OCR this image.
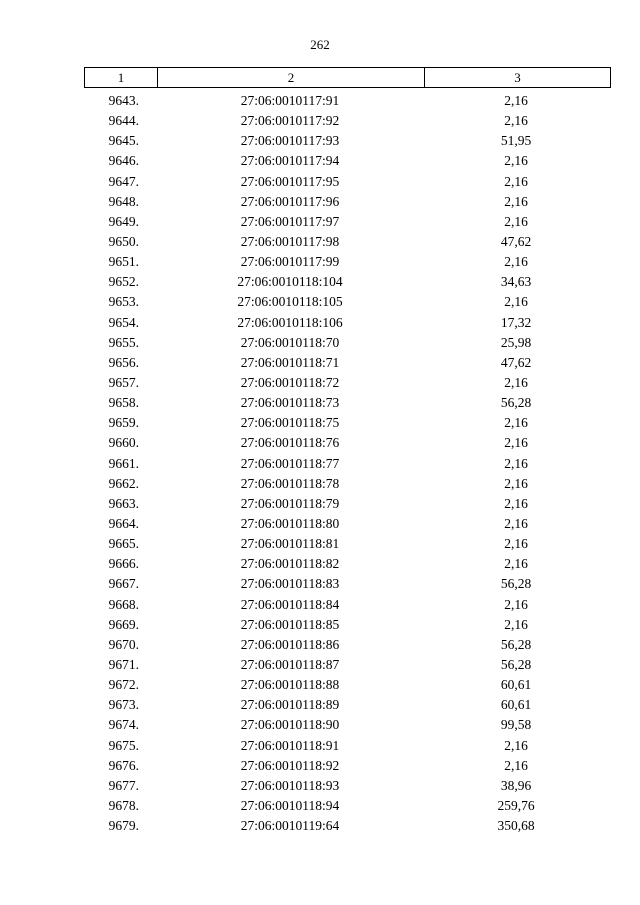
262
1	2	3
9643.	27:06:0010117:91	2,16
9644.	27:06:0010117:92	2,16
9645.	27:06:0010117:93	51,95
9646.	27:06:0010117:94	2,16
9647.	27:06:0010117:95	2,16
9648.	27:06:0010117:96	2,16
9649.	27:06:0010117:97	2,16
9650.	27:06:0010117:98	47,62
9651.	27:06:0010117:99	2,16
9652.	27:06:0010118:104	34,63
9653.	27:06:0010118:105	2,16
9654.	27:06:0010118:106	17,32
9655.	27:06:0010118:70	25,98
9656.	27:06:0010118:71	47,62
9657.	27:06:0010118:72	2,16
9658.	27:06:0010118:73	56,28
9659.	27:06:0010118:75	2,16
9660.	27:06:0010118:76	2,16
9661.	27:06:0010118:77	2,16
9662.	27:06:0010118:78	2,16
9663.	27:06:0010118:79	2,16
9664.	27:06:0010118:80	2,16
9665.	27:06:0010118:81	2,16
9666.	27:06:0010118:82	2,16
9667.	27:06:0010118:83	56,28
9668.	27:06:0010118:84	2,16
9669.	27:06:0010118:85	2,16
9670.	27:06:0010118:86	56,28
9671.	27:06:0010118:87	56,28
9672.	27:06:0010118:88	60,61
9673.	27:06:0010118:89	60,61
9674.	27:06:0010118:90	99,58
9675.	27:06:0010118:91	2,16
9676.	27:06:0010118:92	2,16
9677.	27:06:0010118:93	38,96
9678.	27:06:0010118:94	259,76
9679.	27:06:0010119:64	350,68
